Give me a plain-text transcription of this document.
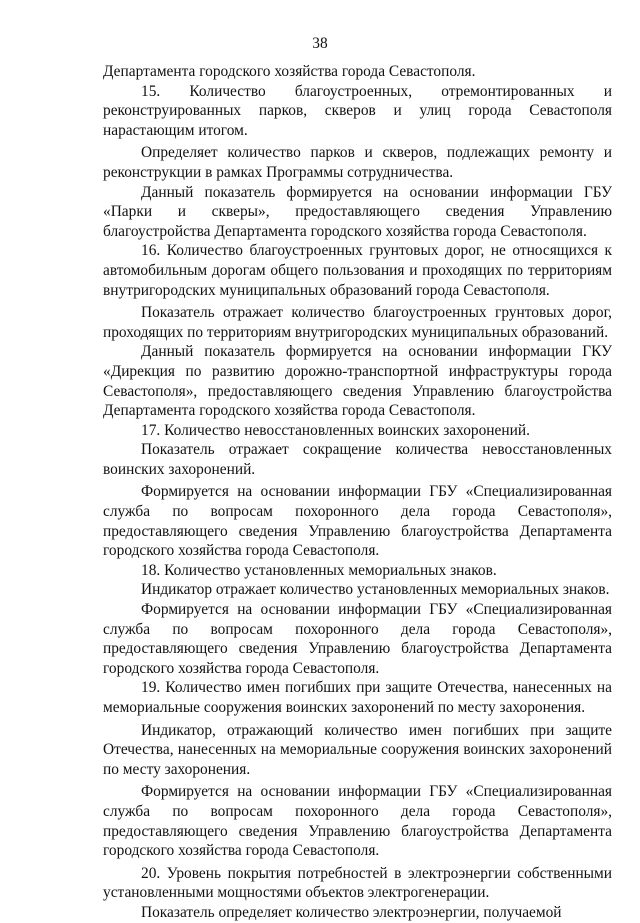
38

Департамента городского хозяйства города Севастополя.

15. Количество благоустроенных, отремонтированных и реконструированных парков, скверов и улиц города Севастополя нарастающим итогом.

Определяет количество парков и скверов, подлежащих ремонту и реконструкции в рамках Программы сотрудничества.

Данный показатель формируется на основании информации ГБУ «Парки и скверы», предоставляющего сведения Управлению благоустройства Департамента городского хозяйства города Севастополя.

16. Количество благоустроенных грунтовых дорог, не относящихся к автомобильным дорогам общего пользования и проходящих по территориям внутригородских муниципальных образований города Севастополя.

Показатель отражает количество благоустроенных грунтовых дорог, проходящих по территориям внутригородских муниципальных образований.

Данный показатель формируется на основании информации ГКУ «Дирекция по развитию дорожно-транспортной инфраструктуры города Севастополя», предоставляющего сведения Управлению благоустройства Департамента городского хозяйства города Севастополя.

17. Количество невосстановленных воинских захоронений.

Показатель отражает сокращение количества невосстановленных воинских захоронений.

Формируется на основании информации ГБУ «Специализированная служба по вопросам похоронного дела города Севастополя», предоставляющего сведения Управлению благоустройства Департамента городского хозяйства города Севастополя.

18. Количество установленных мемориальных знаков.

Индикатор отражает количество установленных мемориальных знаков.

Формируется на основании информации ГБУ «Специализированная служба по вопросам похоронного дела города Севастополя», предоставляющего сведения Управлению благоустройства Департамента городского хозяйства города Севастополя.

19. Количество имен погибших при защите Отечества, нанесенных на мемориальные сооружения воинских захоронений по месту захоронения.

Индикатор, отражающий количество имен погибших при защите Отечества, нанесенных на мемориальные сооружения воинских захоронений по месту захоронения.

Формируется на основании информации ГБУ «Специализированная служба по вопросам похоронного дела города Севастополя», предоставляющего сведения Управлению благоустройства Департамента городского хозяйства города Севастополя.

20. Уровень покрытия потребностей в электроэнергии собственными установленными мощностями объектов электрогенерации.

Показатель определяет количество электроэнергии, получаемой
